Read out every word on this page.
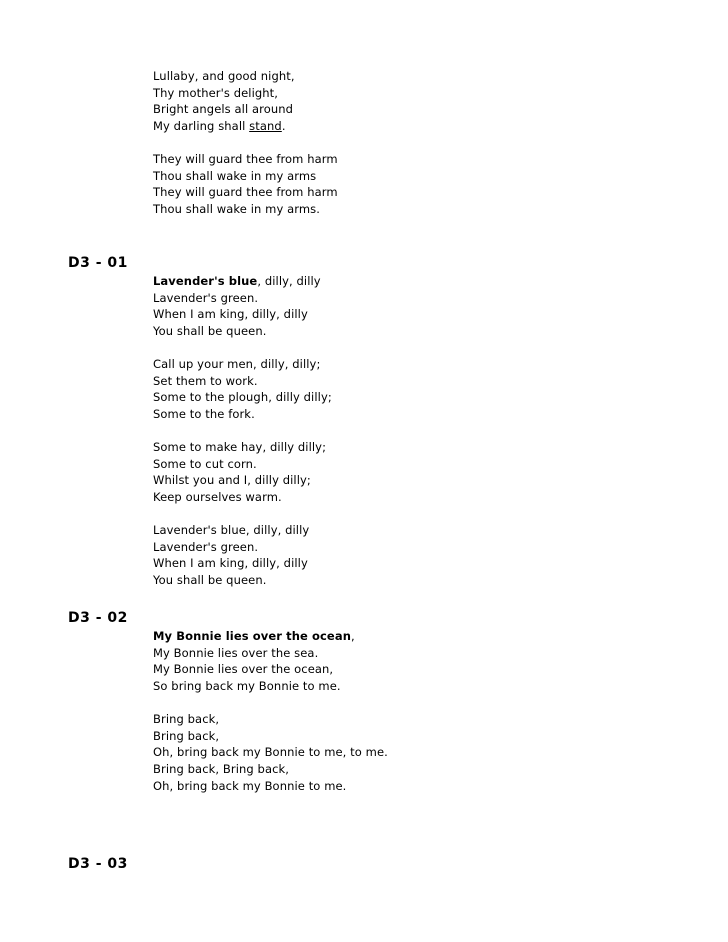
Lullaby, and good night,
Thy mother's delight,
Bright angels all around
My darling shall stand.
They will guard thee from harm
Thou shall wake in my arms
They will guard thee from harm
Thou shall wake in my arms.
D3 - 01
Lavender's blue, dilly, dilly
Lavender's green.
When I am king, dilly, dilly
You shall be queen.
Call up your men, dilly, dilly;
Set them to work.
Some to the plough, dilly dilly;
Some to the fork.
Some to make hay, dilly dilly;
Some to cut corn.
Whilst you and I, dilly dilly;
Keep ourselves warm.
Lavender's blue, dilly, dilly
Lavender's green.
When I am king, dilly, dilly
You shall be queen.
D3 - 02
My Bonnie lies over the ocean,
My Bonnie lies over the sea.
My Bonnie lies over the ocean,
So bring back my Bonnie to me.
Bring back,
Bring back,
Oh, bring back my Bonnie to me, to me.
Bring back, Bring back,
Oh, bring back my Bonnie to me.
D3 - 03
